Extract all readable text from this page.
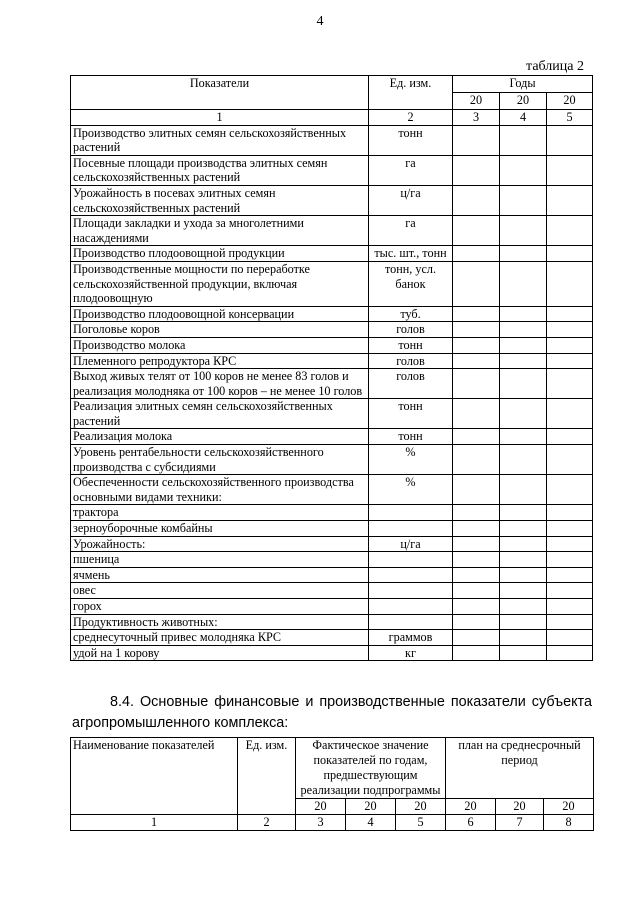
4
таблица 2
Показатели	Ед. изм.	Годы		
		20	20	20
1	2	3	4	5
Производство элитных семян сельскохозяйственных растений	тонн			
Посевные площади производства элитных семян сельскохозяйственных растений	га			
Урожайность в посевах элитных семян сельскохозяйственных растений	ц/га			
Площади закладки и ухода за многолетними насаждениями	га			
Производство плодоовощной продукции	тыс. шт., тонн			
Производственные мощности по переработке сельскохозяйственной продукции, включая плодоовощную	тонн, усл. банок			
Производство плодоовощной консервации	туб.			
Поголовье коров	голов			
Производство молока	тонн			
Племенного репродуктора КРС	голов			
Выход живых телят от 100 коров не менее 83 голов и реализация молодняка от 100 коров – не менее 10 голов	голов			
Реализация элитных семян сельскохозяйственных растений	тонн			
Реализация молока	тонн			
Уровень рентабельности сельскохозяйственного производства с субсидиями	%			
Обеспеченности сельскохозяйственного производства основными видами техники:	%			
трактора				
зерноуборочные комбайны				
Урожайность:	ц/га			
пшеница				
ячмень				
овес				
горох				
Продуктивность животных:				
среднесуточный привес молодняка КРС	граммов			
удой на 1 корову	кг			
8.4. Основные финансовые и производственные показатели субъекта агропромышленного комплекса:
Наименование показателей	Ед. изм.	Фактическое значение показателей по годам, предшествующим реализации подпрограммы			план на среднесрочный период		
		20	20	20	20	20	20
1	2	3	4	5	6	7	8
